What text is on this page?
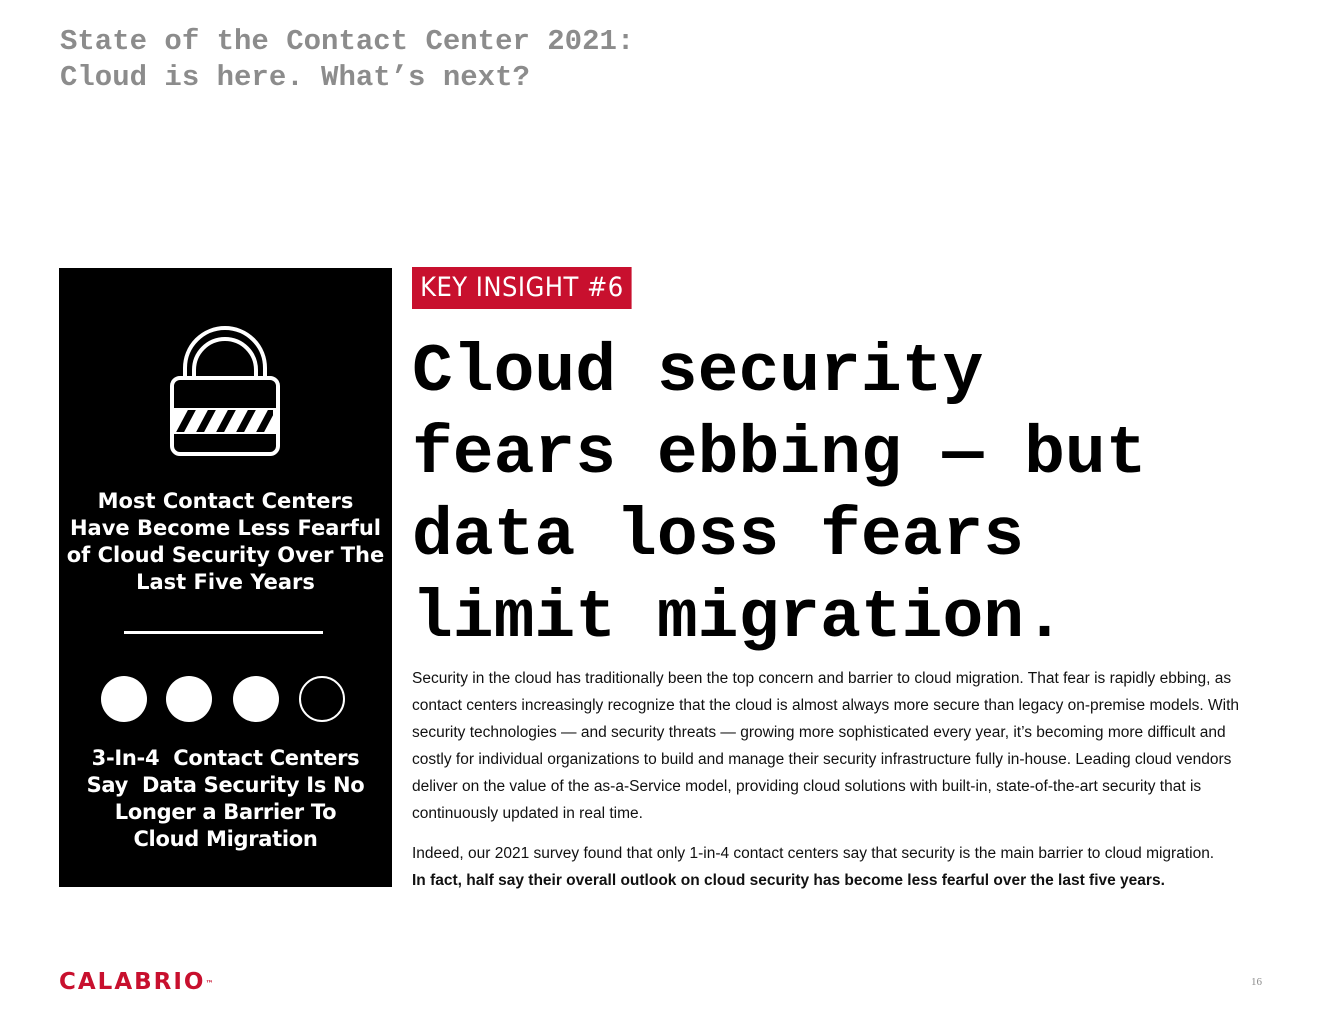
State of the Contact Center 2021:
Cloud is here. What’s next?

Most Contact Centers
Have Become Less Fearful
of Cloud Security Over The
Last Five Years

3-In-4  Contact Centers
Say  Data Security Is No
Longer a Barrier To
Cloud Migration

KEY INSIGHT #6
Cloud security
fears ebbing — but
data loss fears
limit migration.

Security in the cloud has traditionally been the top concern and barrier to cloud migration. That fear is rapidly ebbing, as
contact centers increasingly recognize that the cloud is almost always more secure than legacy on-premise models. With
security technologies — and security threats — growing more sophisticated every year, it’s becoming more difficult and
costly for individual organizations to build and manage their security infrastructure fully in-house. Leading cloud vendors
deliver on the value of the as-a-Service model, providing cloud solutions with built-in, state-of-the-art security that is
continuously updated in real time.

Indeed, our 2021 survey found that only 1-in-4 contact centers say that security is the main barrier to cloud migration.
In fact, half say their overall outlook on cloud security has become less fearful over the last five years.

CALABRIO™	16
